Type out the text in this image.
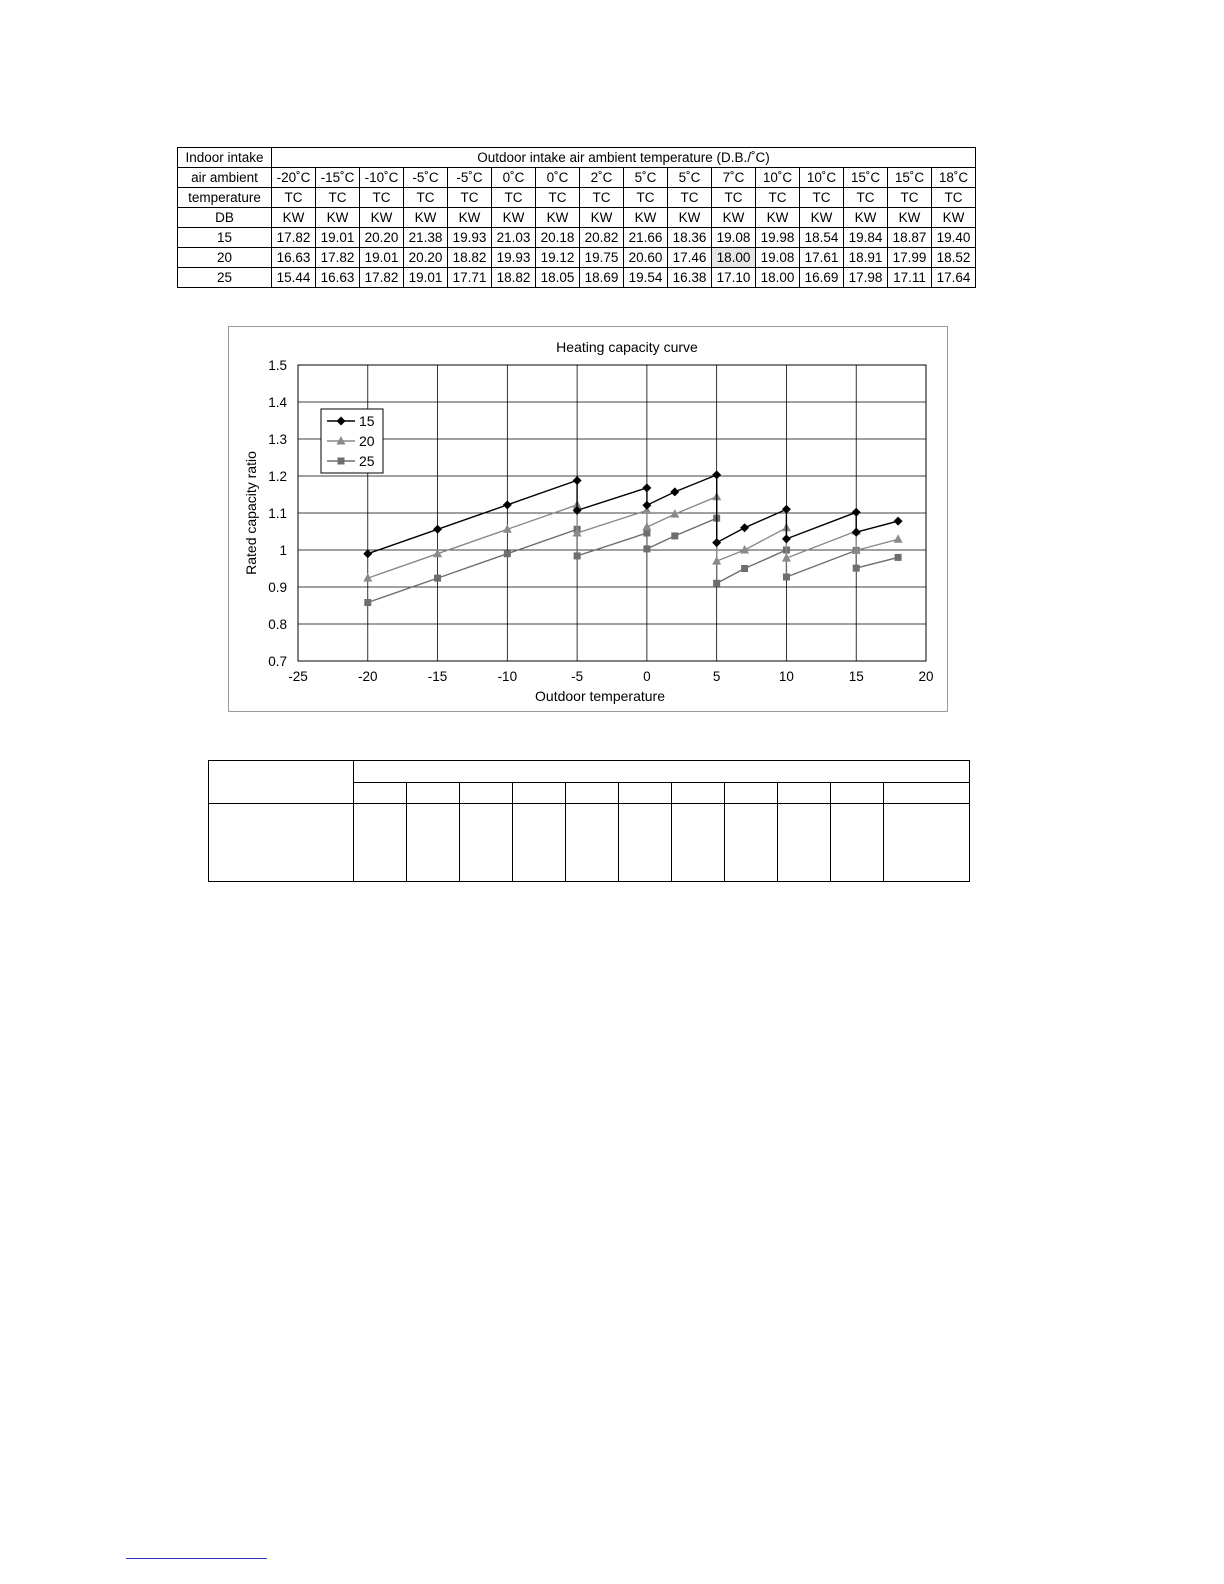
Indoor intake	Outdoor intake air ambient temperature (D.B./˚C)															
air ambient	-20˚C	-15˚C	-10˚C	-5˚C	-5˚C	0˚C	0˚C	2˚C	5˚C	5˚C	7˚C	10˚C	10˚C	15˚C	15˚C	18˚C
temperature	TC	TC	TC	TC	TC	TC	TC	TC	TC	TC	TC	TC	TC	TC	TC	TC
DB	KW	KW	KW	KW	KW	KW	KW	KW	KW	KW	KW	KW	KW	KW	KW	KW
15	17.82	19.01	20.20	21.38	19.93	21.03	20.18	20.82	21.66	18.36	19.08	19.98	18.54	19.84	18.87	19.40
20	16.63	17.82	19.01	20.20	18.82	19.93	19.12	19.75	20.60	17.46	18.00	19.08	17.61	18.91	17.99	18.52
25	15.44	16.63	17.82	19.01	17.71	18.82	18.05	18.69	19.54	16.38	17.10	18.00	16.69	17.98	17.11	17.64
Heating capacity curve
0.7
0.8
0.9
1
1.1
1.2
1.3
1.4
1.5
-25	-20	-15	-10	-5	0	5	10	15	20
Outdoor temperature
Rated capacity ratio
15
20
25
